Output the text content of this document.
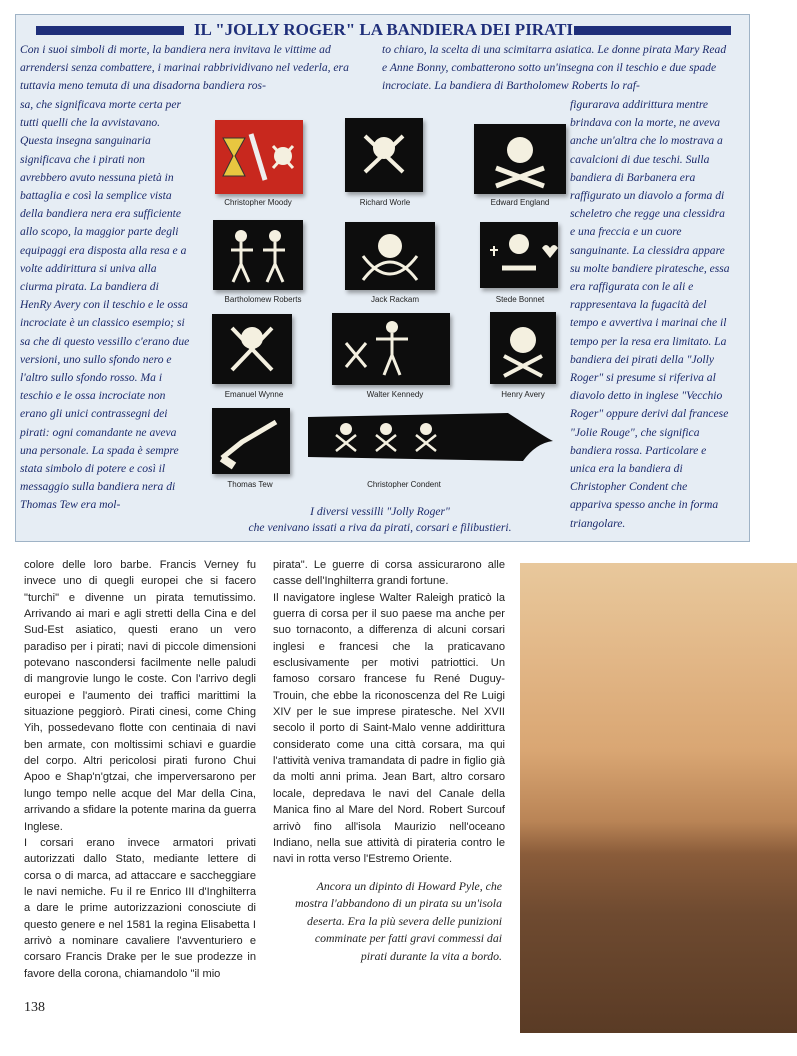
IL "JOLLY ROGER" LA BANDIERA DEI PIRATI
Con i suoi simboli di morte, la bandiera nera invitava le vittime ad arrendersi senza combattere, i marinai rabbrividivano nel vederla, era tuttavia meno temuta di una disadorna bandiera ros-
to chiaro, la scelta di una scimitarra asiatica. Le donne pirata Mary Read e Anne Bonny, combatterono sotto un'insegna con il teschio e due spade incrociate. La bandiera di Bartholomew Roberts lo raf-
sa, che significava morte certa per tutti quelli che la avvistavano. Questa insegna sanguinaria significava che i pirati non avrebbero avuto nessuna pietà in battaglia e così la semplice vista della bandiera nera era sufficiente allo scopo, la maggior parte degli equipaggi era disposta alla resa e a volte addirittura si univa alla ciurma pirata. La bandiera di HenRy Avery con il teschio e le ossa incrociate è un classico esempio; si sa che di questo vessillo c'erano due versioni, uno sullo sfondo nero e l'altro sullo sfondo rosso. Ma i teschio e le ossa incrociate non erano gli unici contrassegni dei pirati: ogni comandante ne aveva una personale. La spada è sempre stata simbolo di potere e così il messaggio sulla bandiera nera di Thomas Tew era mol-
figurarava addirittura mentre brindava con la morte, ne aveva anche un'altra che lo mostrava a cavalcioni di due teschi. Sulla bandiera di Barbanera era raffigurato un diavolo a forma di scheletro che regge una clessidra e una freccia e un cuore sanguinante. La clessidra appare su molte bandiere piratesche, essa era raffigurata con le ali e rappresentava la fugacità del tempo e avvertiva i marinai che il tempo per la resa era limitato. La bandiera dei pirati della "Jolly Roger" si presume si riferiva al diavolo detto in inglese "Vecchio Roger" oppure derivi dal francese "Jolie Rouge", che significa bandiera rossa. Particolare e unica era la bandiera di Christopher Condent che appariva spesso anche in forma triangolare.
Christopher Moody	Richard Worle	Edward England
Bartholomew Roberts	Jack Rackam	Stede Bonnet
Emanuel Wynne	Walter Kennedy	Henry Avery
Thomas Tew	Christopher Condent
I diversi vessilli "Jolly Roger"
che venivano issati a riva da pirati, corsari e filibustieri.

colore delle loro barbe. Francis Verney fu invece uno di quegli europei che si facero "turchi" e divenne un pirata temutissimo. Arrivando ai mari e agli stretti della Cina e del Sud-Est asiatico, questi erano un vero paradiso per i pirati; navi di piccole dimensioni potevano nascondersi facilmente nelle paludi di mangrovie lungo le coste. Con l'arrivo degli europei e l'aumento dei traffici marittimi la situazione peggiorò. Pirati cinesi, come Ching Yih, possedevano flotte con centinaia di navi ben armate, con moltissimi schiavi e guardie del corpo. Altri pericolosi pirati furono Chui Apoo e Shap'n'gtzai, che imperversarono per lungo tempo nelle acque del Mar della Cina, arrivando a sfidare la potente marina da guerra Inglese.

I corsari erano invece armatori privati autorizzati dallo Stato, mediante lettere di corsa o di marca, ad attaccare e saccheggiare le navi nemiche. Fu il re Enrico III d'Inghilterra a dare le prime autorizzazioni conosciute di questo genere e nel 1581 la regina Elisabetta I arrivò a nominare cavaliere l'avventuriero e corsaro Francis Drake per le sue prodezze in favore della corona, chiamandolo "il mio

pirata". Le guerre di corsa assicurarono alle casse dell'Inghilterra grandi fortune.

Il navigatore inglese Walter Raleigh praticò la guerra di corsa per il suo paese ma anche per suo tornaconto, a differenza di alcuni corsari inglesi e francesi che la praticavano esclusivamente per motivi patriottici. Un famoso corsaro francese fu René Duguy-Trouin, che ebbe la riconoscenza del Re Luigi XIV per le sue imprese piratesche. Nel XVII secolo il porto di Saint-Malo venne addirittura considerato come una città corsara, ma qui l'attività veniva tramandata di padre in figlio già da molti anni prima. Jean Bart, altro corsaro locale, depredava le navi del Canale della Manica fino al Mare del Nord. Robert Surcouf arrivò fino all'isola Maurizio nell'oceano Indiano, nella sue attività di pirateria contro le navi in rotta verso l'Estremo Oriente.

Ancora un dipinto di Howard Pyle, che mostra l'abbandono di un pirata su un'isola deserta. Era la più severa delle punizioni comminate per fatti gravi commessi dai pirati durante la vita a bordo.
138
